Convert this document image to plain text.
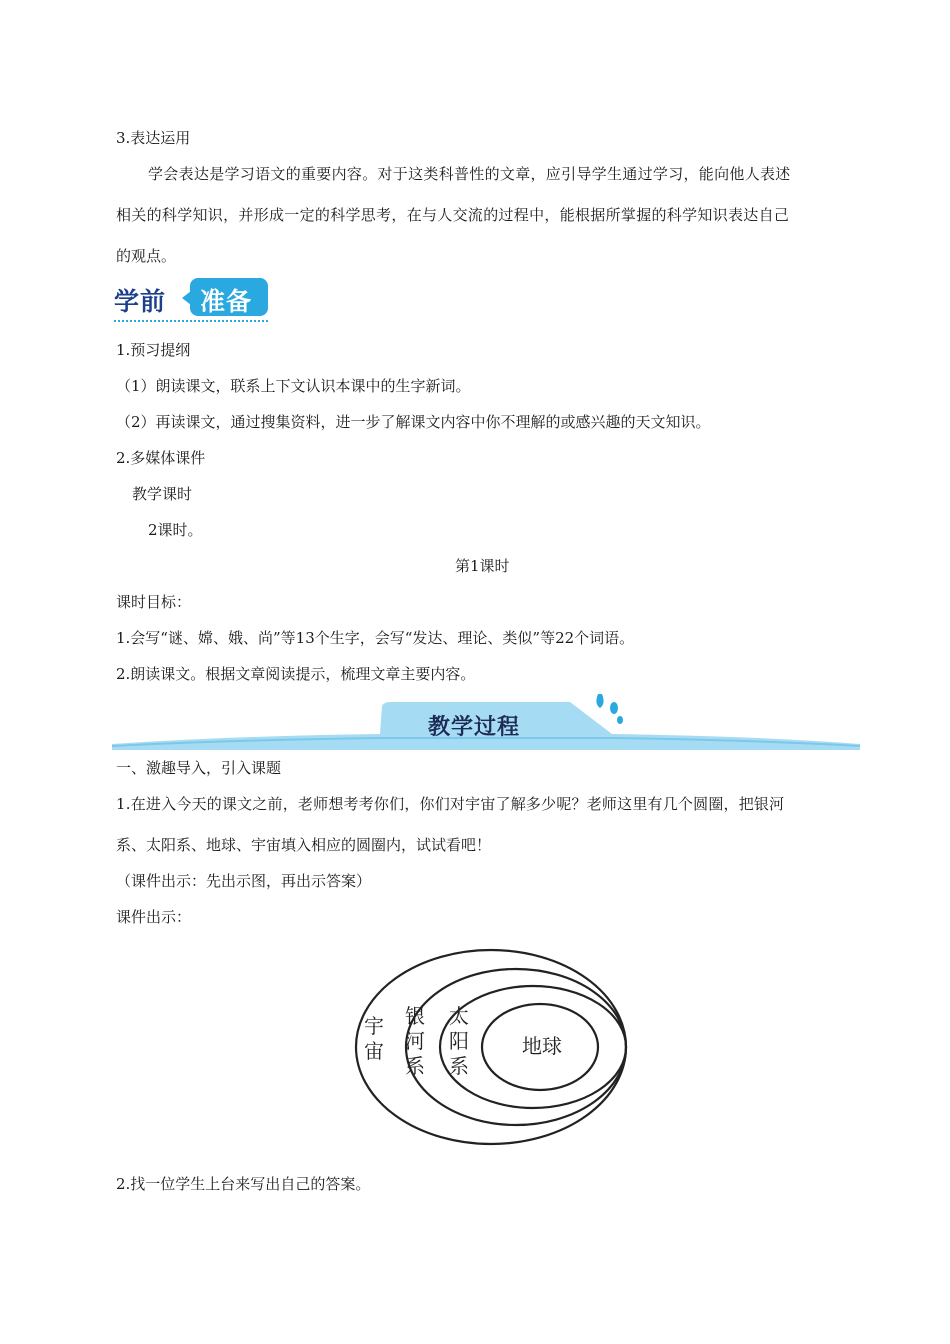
3.表达运用
学会表达是学习语文的重要内容。对于这类科普性的文章，应引导学生通过学习，能向他人表述
相关的科学知识，并形成一定的科学思考，在与人交流的过程中，能根据所掌握的科学知识表达自己
的观点。
学前 准备
1.预习提纲
（1）朗读课文，联系上下文认识本课中的生字新词。
（2）再读课文，通过搜集资料，进一步了解课文内容中你不理解的或感兴趣的天文知识。
2.多媒体课件
教学课时
2课时。
第1课时
课时目标：
1.会写“谜、嫦、娥、尚”等13个生字，会写“发达、理论、类似”等22个词语。
2.朗读课文。根据文章阅读提示，梳理文章主要内容。
教学过程
一、激趣导入，引入课题
1.在进入今天的课文之前，老师想考考你们，你们对宇宙了解多少呢？老师这里有几个圆圈，把银河
系、太阳系、地球、宇宙填入相应的圆圈内，试试看吧！
（课件出示：先出示图，再出示答案）
课件出示：
宇宙
银河系
太阳系
地球
2.找一位学生上台来写出自己的答案。
